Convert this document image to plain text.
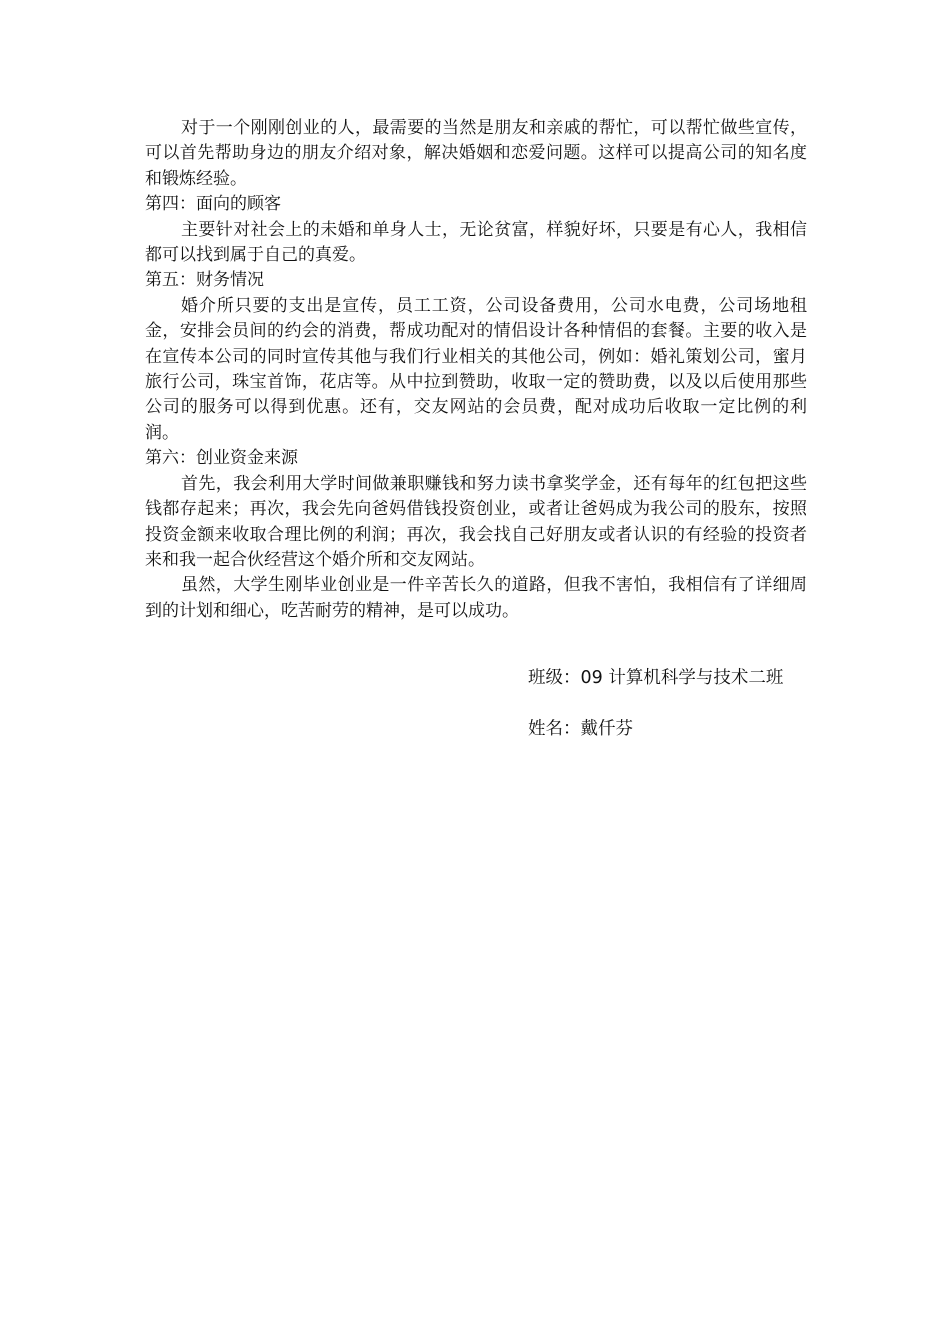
对于一个刚刚创业的人，最需要的当然是朋友和亲戚的帮忙，可以帮忙做些宣传，可以首先帮助身边的朋友介绍对象，解决婚姻和恋爱问题。这样可以提高公司的知名度和锻炼经验。

第四：面向的顾客

主要针对社会上的未婚和单身人士，无论贫富，样貌好坏，只要是有心人，我相信都可以找到属于自己的真爱。

第五：财务情况

婚介所只要的支出是宣传，员工工资，公司设备费用，公司水电费，公司场地租金，安排会员间的约会的消费，帮成功配对的情侣设计各种情侣的套餐。主要的收入是在宣传本公司的同时宣传其他与我们行业相关的其他公司，例如：婚礼策划公司，蜜月旅行公司，珠宝首饰，花店等。从中拉到赞助，收取一定的赞助费，以及以后使用那些公司的服务可以得到优惠。还有，交友网站的会员费，配对成功后收取一定比例的利润。

第六：创业资金来源

首先，我会利用大学时间做兼职赚钱和努力读书拿奖学金，还有每年的红包把这些钱都存起来；再次，我会先向爸妈借钱投资创业，或者让爸妈成为我公司的股东，按照投资金额来收取合理比例的利润；再次，我会找自己好朋友或者认识的有经验的投资者来和我一起合伙经营这个婚介所和交友网站。

虽然，大学生刚毕业创业是一件辛苦长久的道路，但我不害怕，我相信有了详细周到的计划和细心，吃苦耐劳的精神，是可以成功。

班级：09 计算机科学与技术二班
姓名：戴仟芬
